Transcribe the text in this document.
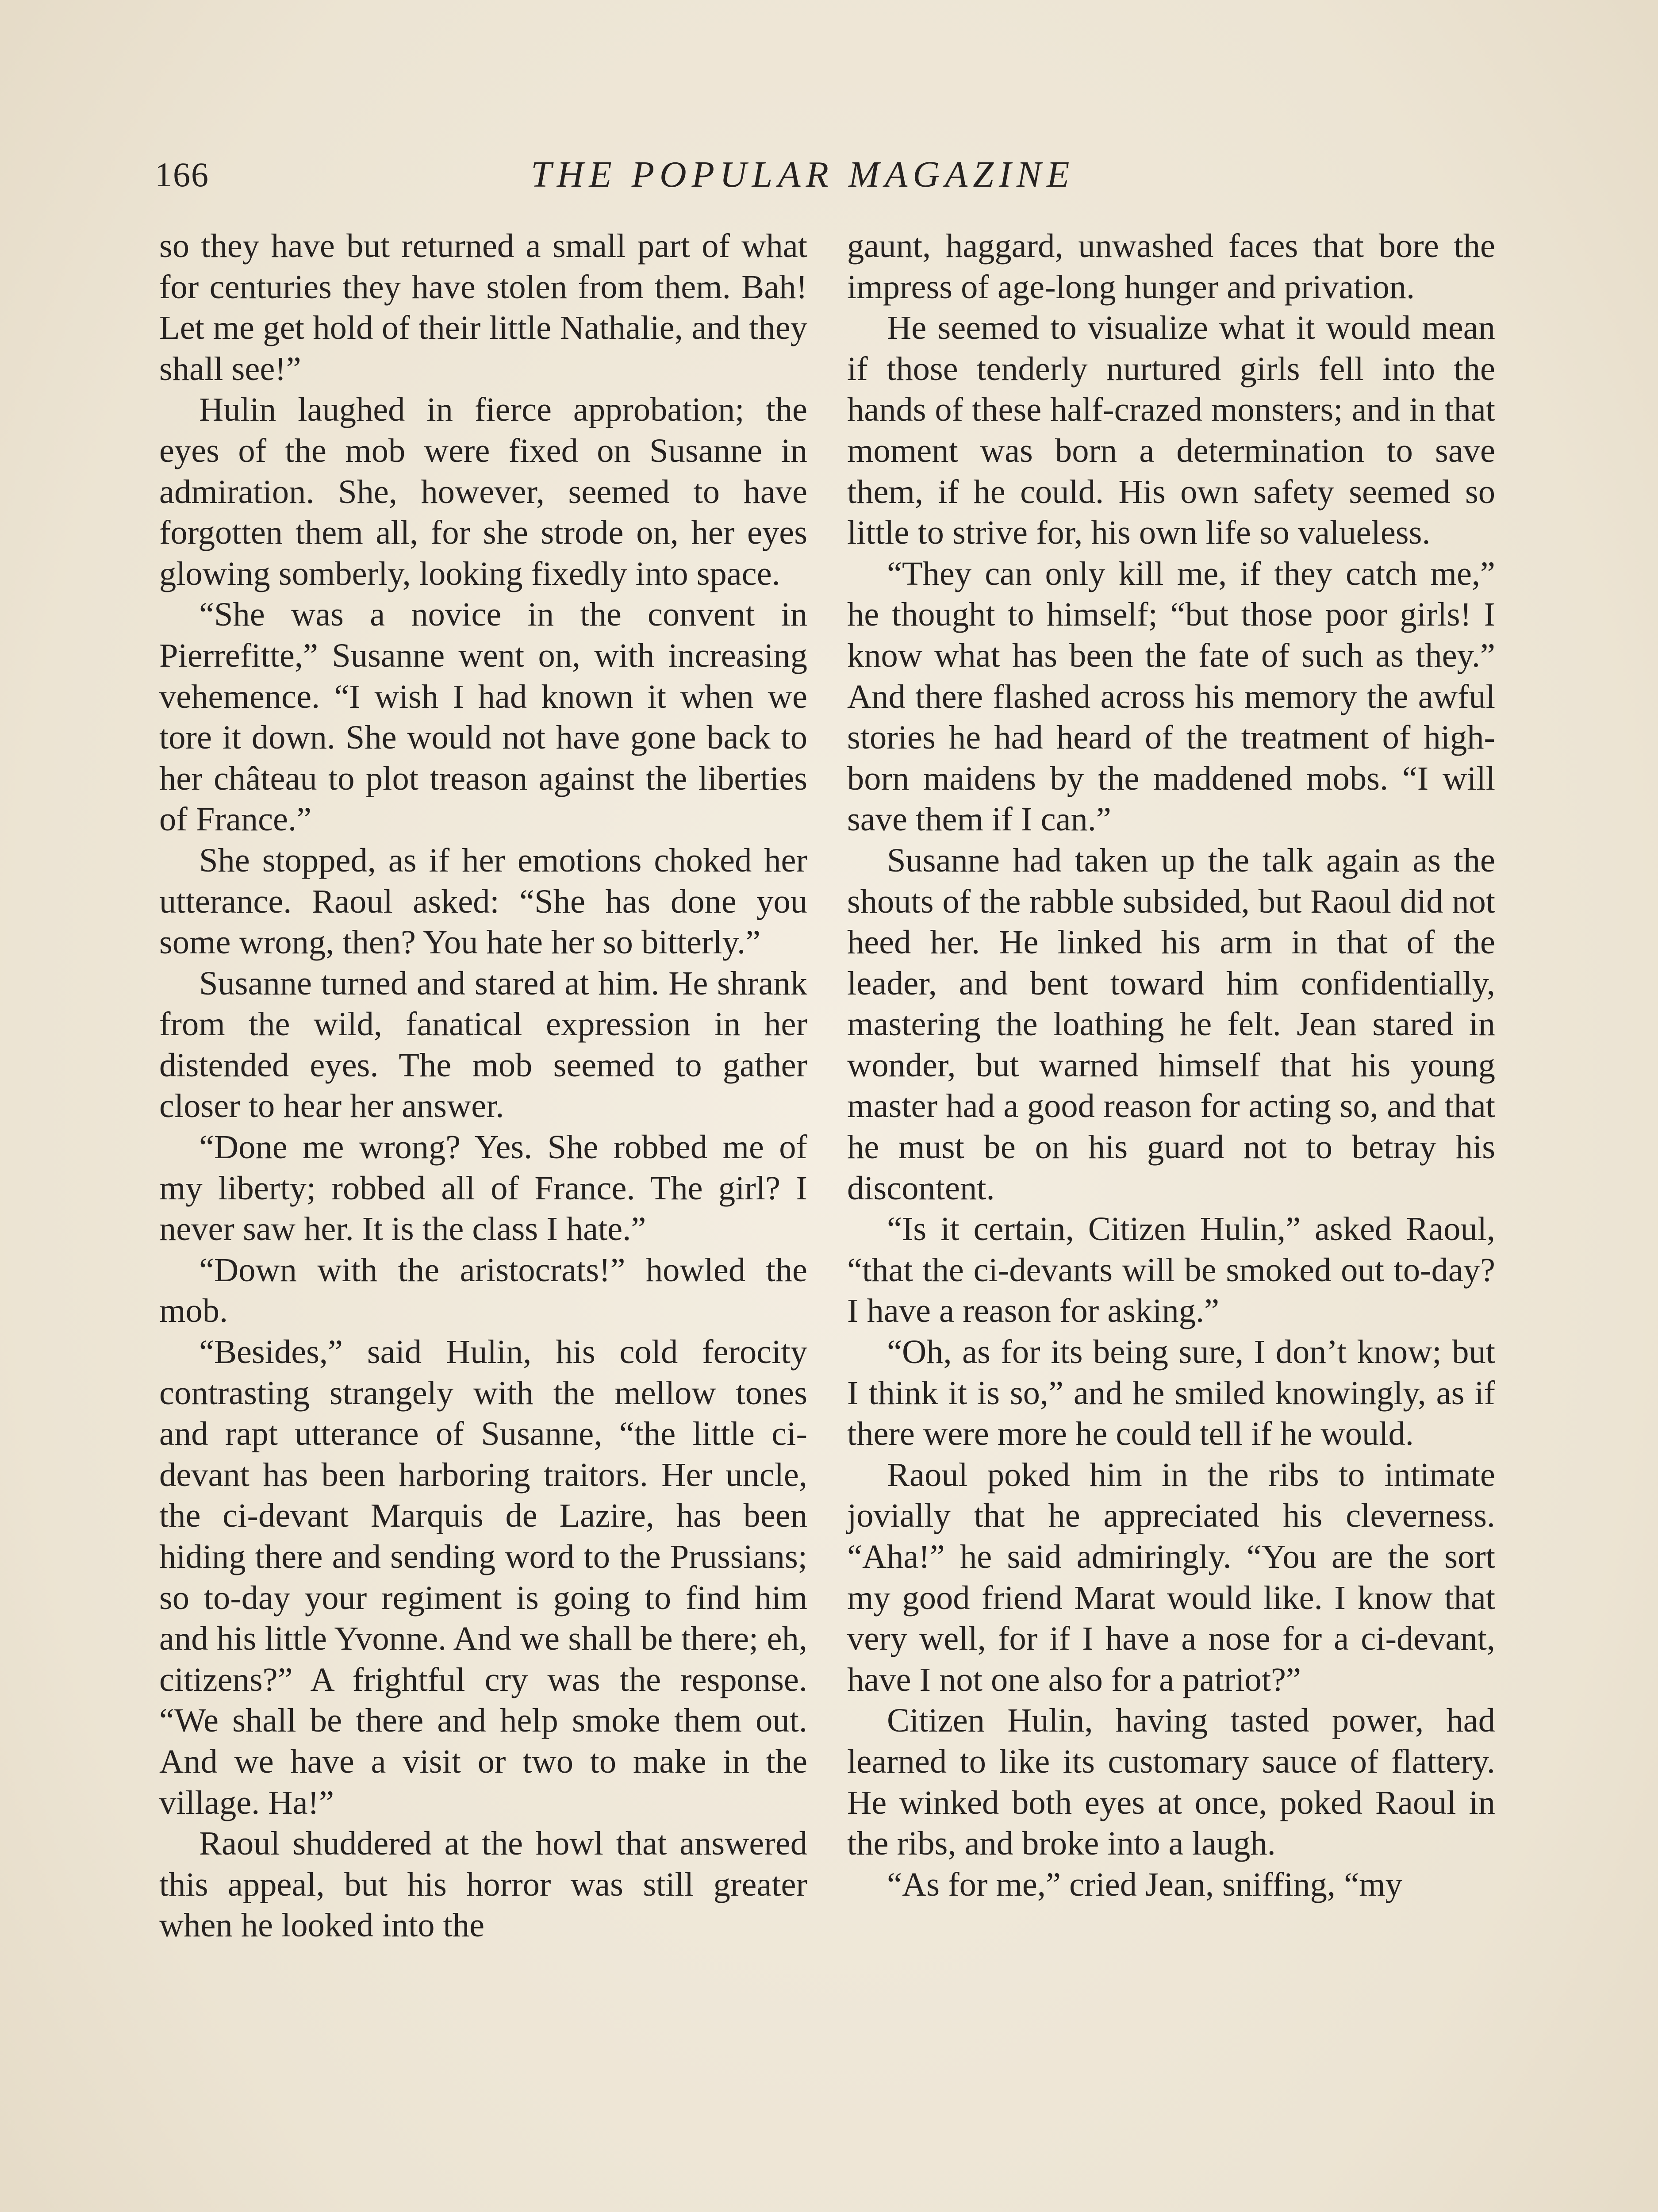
166	THE POPULAR MAGAZINE

so they have but returned a small part of what for centuries they have stolen from them. Bah! Let me get hold of their little Nathalie, and they shall see!”

Hulin laughed in fierce approbation; the eyes of the mob were fixed on Susanne in admiration. She, however, seemed to have forgotten them all, for she strode on, her eyes glowing somberly, looking fixedly into space.

“She was a novice in the convent in Pierrefitte,” Susanne went on, with increasing vehemence. “I wish I had known it when we tore it down. She would not have gone back to her château to plot treason against the liberties of France.”

She stopped, as if her emotions choked her utterance. Raoul asked: “She has done you some wrong, then? You hate her so bitterly.”

Susanne turned and stared at him. He shrank from the wild, fanatical expression in her distended eyes. The mob seemed to gather closer to hear her answer.

“Done me wrong? Yes. She robbed me of my liberty; robbed all of France. The girl? I never saw her. It is the class I hate.”

“Down with the aristocrats!” howled the mob.

“Besides,” said Hulin, his cold ferocity contrasting strangely with the mellow tones and rapt utterance of Susanne, “the little ci-devant has been harboring traitors. Her uncle, the ci-devant Marquis de Lazire, has been hiding there and sending word to the Prussians; so to-day your regiment is going to find him and his little Yvonne. And we shall be there; eh, citizens?” A frightful cry was the response. “We shall be there and help smoke them out. And we have a visit or two to make in the village. Ha!”

Raoul shuddered at the howl that answered this appeal, but his horror was still greater when he looked into the

gaunt, haggard, unwashed faces that bore the impress of age-long hunger and privation.

He seemed to visualize what it would mean if those tenderly nurtured girls fell into the hands of these half-crazed monsters; and in that moment was born a determination to save them, if he could. His own safety seemed so little to strive for, his own life so valueless.

“They can only kill me, if they catch me,” he thought to himself; “but those poor girls! I know what has been the fate of such as they.” And there flashed across his memory the awful stories he had heard of the treatment of high-born maidens by the maddened mobs. “I will save them if I can.”

Susanne had taken up the talk again as the shouts of the rabble subsided, but Raoul did not heed her. He linked his arm in that of the leader, and bent toward him confidentially, mastering the loathing he felt. Jean stared in wonder, but warned himself that his young master had a good reason for acting so, and that he must be on his guard not to betray his discontent.

“Is it certain, Citizen Hulin,” asked Raoul, “that the ci-devants will be smoked out to-day? I have a reason for asking.”

“Oh, as for its being sure, I don’t know; but I think it is so,” and he smiled knowingly, as if there were more he could tell if he would.

Raoul poked him in the ribs to intimate jovially that he appreciated his cleverness. “Aha!” he said admiringly. “You are the sort my good friend Marat would like. I know that very well, for if I have a nose for a ci-devant, have I not one also for a patriot?”

Citizen Hulin, having tasted power, had learned to like its customary sauce of flattery. He winked both eyes at once, poked Raoul in the ribs, and broke into a laugh.

“As for me,” cried Jean, sniffing, “my
